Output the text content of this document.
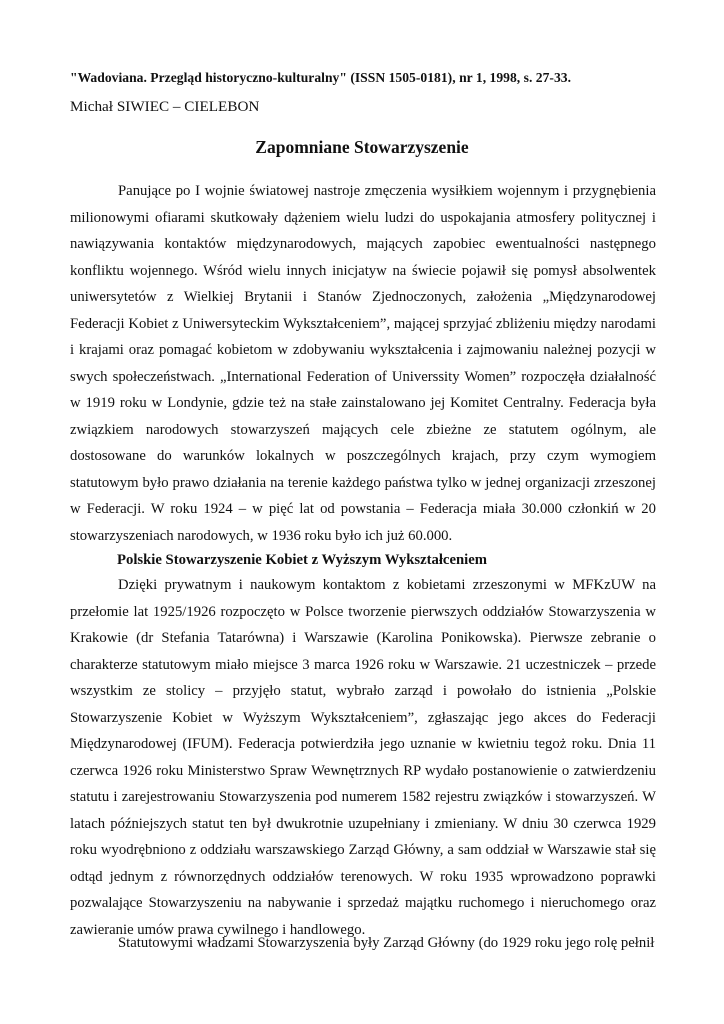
"Wadoviana. Przegląd historyczno-kulturalny" (ISSN 1505-0181), nr 1, 1998, s. 27-33.
Michał SIWIEC – CIELEBON
Zapomniane Stowarzyszenie

Panujące po I wojnie światowej nastroje zmęczenia wysiłkiem wojennym i przygnębienia milionowymi ofiarami skutkowały dążeniem wielu ludzi do uspokajania atmosfery politycznej i nawiązywania kontaktów międzynarodowych, mających zapobiec ewentualności następnego konfliktu wojennego. Wśród wielu innych inicjatyw na świecie pojawił się pomysł absolwentek uniwersytetów z Wielkiej Brytanii i Stanów Zjednoczonych, założenia „Międzynarodowej Federacji Kobiet z Uniwersyteckim Wykształceniem”, mającej sprzyjać zbliżeniu między narodami i krajami oraz pomagać kobietom w zdobywaniu wykształcenia i zajmowaniu należnej pozycji w swych społeczeństwach. „International Federation of Universsity Women” rozpoczęła działalność w 1919 roku w Londynie, gdzie też na stałe zainstalowano jej Komitet Centralny. Federacja była związkiem narodowych stowarzyszeń mających cele zbieżne ze statutem ogólnym, ale dostosowane do warunków lokalnych w poszczególnych krajach, przy czym wymogiem statutowym było prawo działania na terenie każdego państwa tylko w jednej organizacji zrzeszonej w Federacji. W roku 1924 – w pięć lat od powstania – Federacja miała 30.000 członkiń w 20 stowarzyszeniach narodowych, w 1936 roku było ich już 60.000.

Polskie Stowarzyszenie Kobiet z Wyższym Wykształceniem

Dzięki prywatnym i naukowym kontaktom z kobietami zrzeszonymi w MFKzUW na przełomie lat 1925/1926 rozpoczęto w Polsce tworzenie pierwszych oddziałów Stowarzyszenia w Krakowie (dr Stefania Tatarówna) i Warszawie (Karolina Ponikowska). Pierwsze zebranie o charakterze statutowym miało miejsce 3 marca 1926 roku w Warszawie. 21 uczestniczek – przede wszystkim ze stolicy – przyjęło statut, wybrało zarząd i powołało do istnienia „Polskie Stowarzyszenie Kobiet w Wyższym Wykształceniem”, zgłaszając jego akces do Federacji Międzynarodowej (IFUM). Federacja potwierdziła jego uznanie w kwietniu tegoż roku. Dnia 11 czerwca 1926 roku Ministerstwo Spraw Wewnętrznych RP wydało postanowienie o zatwierdzeniu statutu i zarejestrowaniu Stowarzyszenia pod numerem 1582 rejestru związków i stowarzyszeń. W latach późniejszych statut ten był dwukrotnie uzupełniany i zmieniany. W dniu 30 czerwca 1929 roku wyodrębniono z oddziału warszawskiego Zarząd Główny, a sam oddział w Warszawie stał się odtąd jednym z równorzędnych oddziałów terenowych. W roku 1935 wprowadzono poprawki pozwalające Stowarzyszeniu na nabywanie i sprzedaż majątku ruchomego i nieruchomego oraz zawieranie umów prawa cywilnego i handlowego.

Statutowymi władzami Stowarzyszenia były Zarząd Główny (do 1929 roku jego rolę pełnił
